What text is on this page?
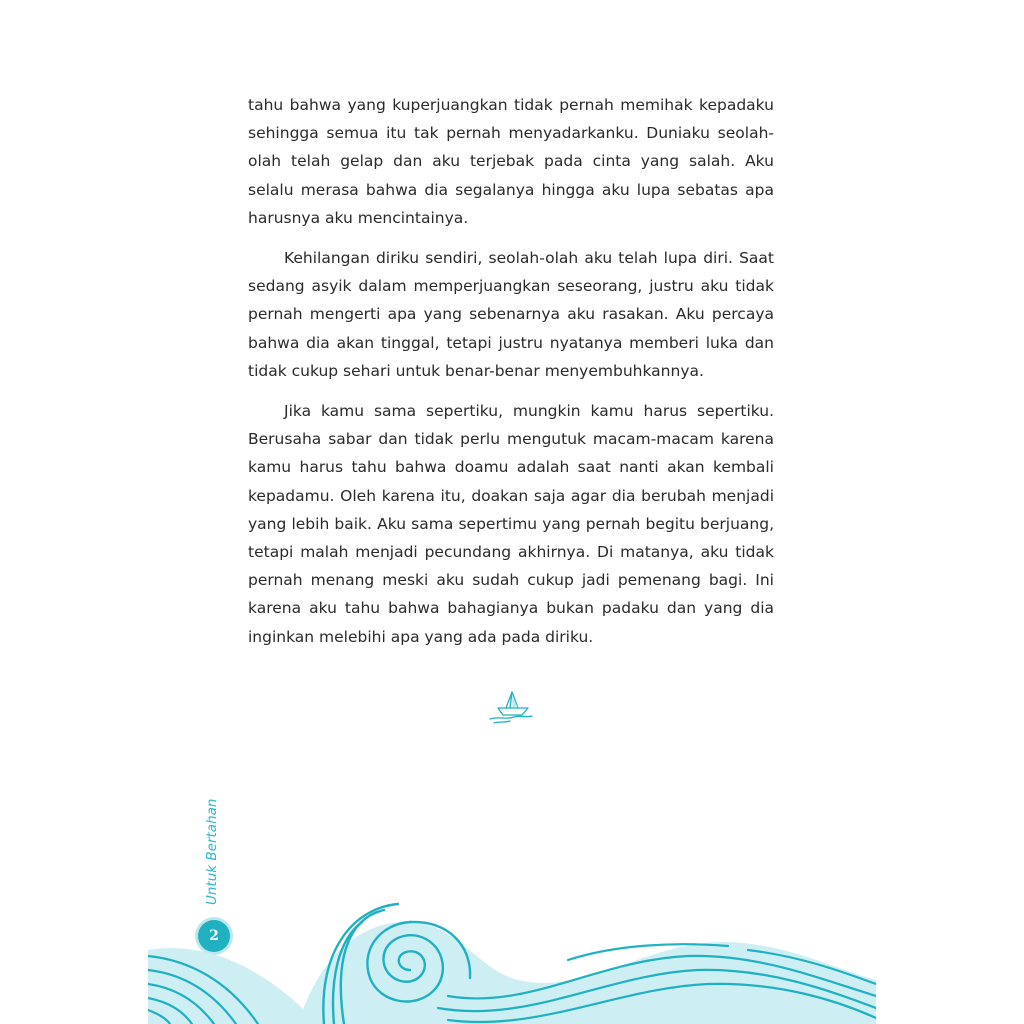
tahu bahwa yang kuperjuangkan tidak pernah memihak kepadaku sehingga semua itu tak pernah menyadarkanku. Duniaku seolah-olah telah gelap dan aku terjebak pada cinta yang salah. Aku selalu merasa bahwa dia segalanya hingga aku lupa sebatas apa harusnya aku mencintainya.

Kehilangan diriku sendiri, seolah-olah aku telah lupa diri. Saat sedang asyik dalam memperjuangkan seseorang, justru aku tidak pernah mengerti apa yang sebenarnya aku rasakan. Aku percaya bahwa dia akan tinggal, tetapi justru nyatanya memberi luka dan tidak cukup sehari untuk benar-benar menyembuhkannya.

Jika kamu sama sepertiku, mungkin kamu harus sepertiku. Berusaha sabar dan tidak perlu mengutuk macam-macam karena kamu harus tahu bahwa doamu adalah saat nanti akan kembali kepadamu. Oleh karena itu, doakan saja agar dia berubah menjadi yang lebih baik. Aku sama sepertimu yang pernah begitu berjuang, tetapi malah menjadi pecundang akhirnya. Di matanya, aku tidak pernah menang meski aku sudah cukup jadi pemenang bagi. Ini karena aku tahu bahwa bahagianya bukan padaku dan yang dia inginkan melebihi apa yang ada pada diriku.

Untuk Bertahan
2
